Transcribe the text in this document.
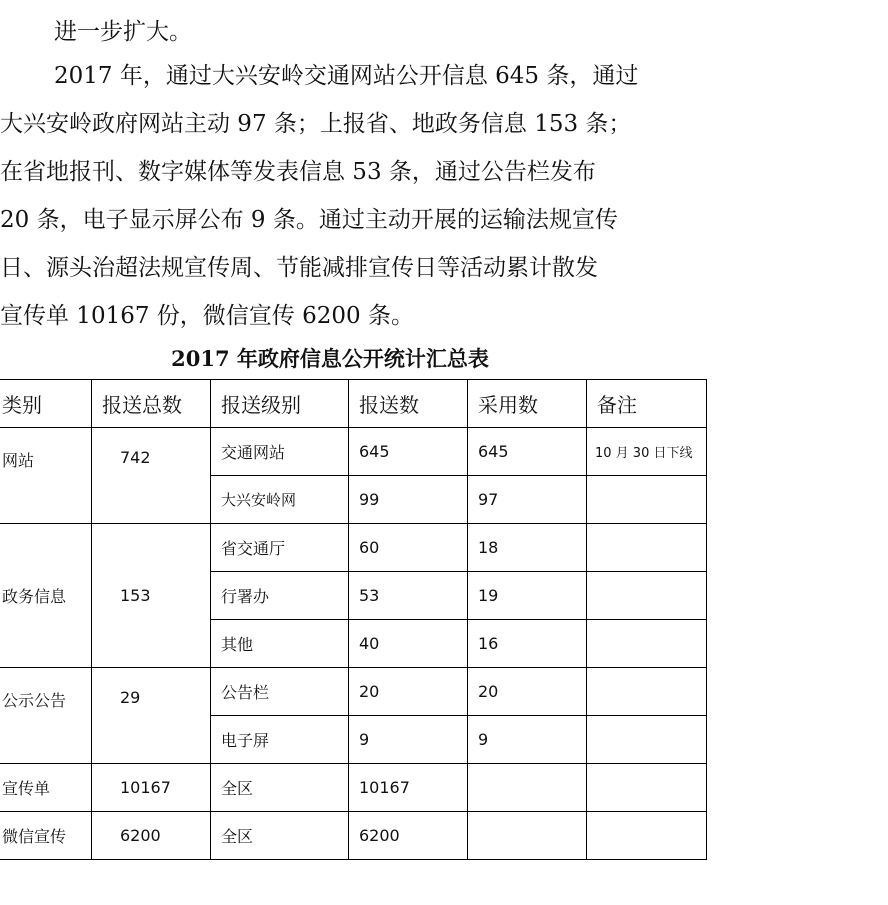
进一步扩大。
2017 年，通过大兴安岭交通网站公开信息 645 条，通过
大兴安岭政府网站主动 97 条；上报省、地政务信息 153 条；
在省地报刊、数字媒体等发表信息 53 条，通过公告栏发布
20 条，电子显示屏公布 9 条。通过主动开展的运输法规宣传
日、源头治超法规宣传周、节能减排宣传日等活动累计散发
宣传单 10167 份，微信宣传 6200 条。
2017 年政府信息公开统计汇总表
类别	报送总数	报送级别	报送数	采用数	备注
网站	742	交通网站	645	645	10 月 30 日下线
		大兴安岭网	99	97	
政务信息	153	省交通厅	60	18	
		行署办	53	19	
		其他	40	16	
公示公告	29	公告栏	20	20	
		电子屏	9	9	
宣传单	10167	全区	10167		
微信宣传	6200	全区	6200		
